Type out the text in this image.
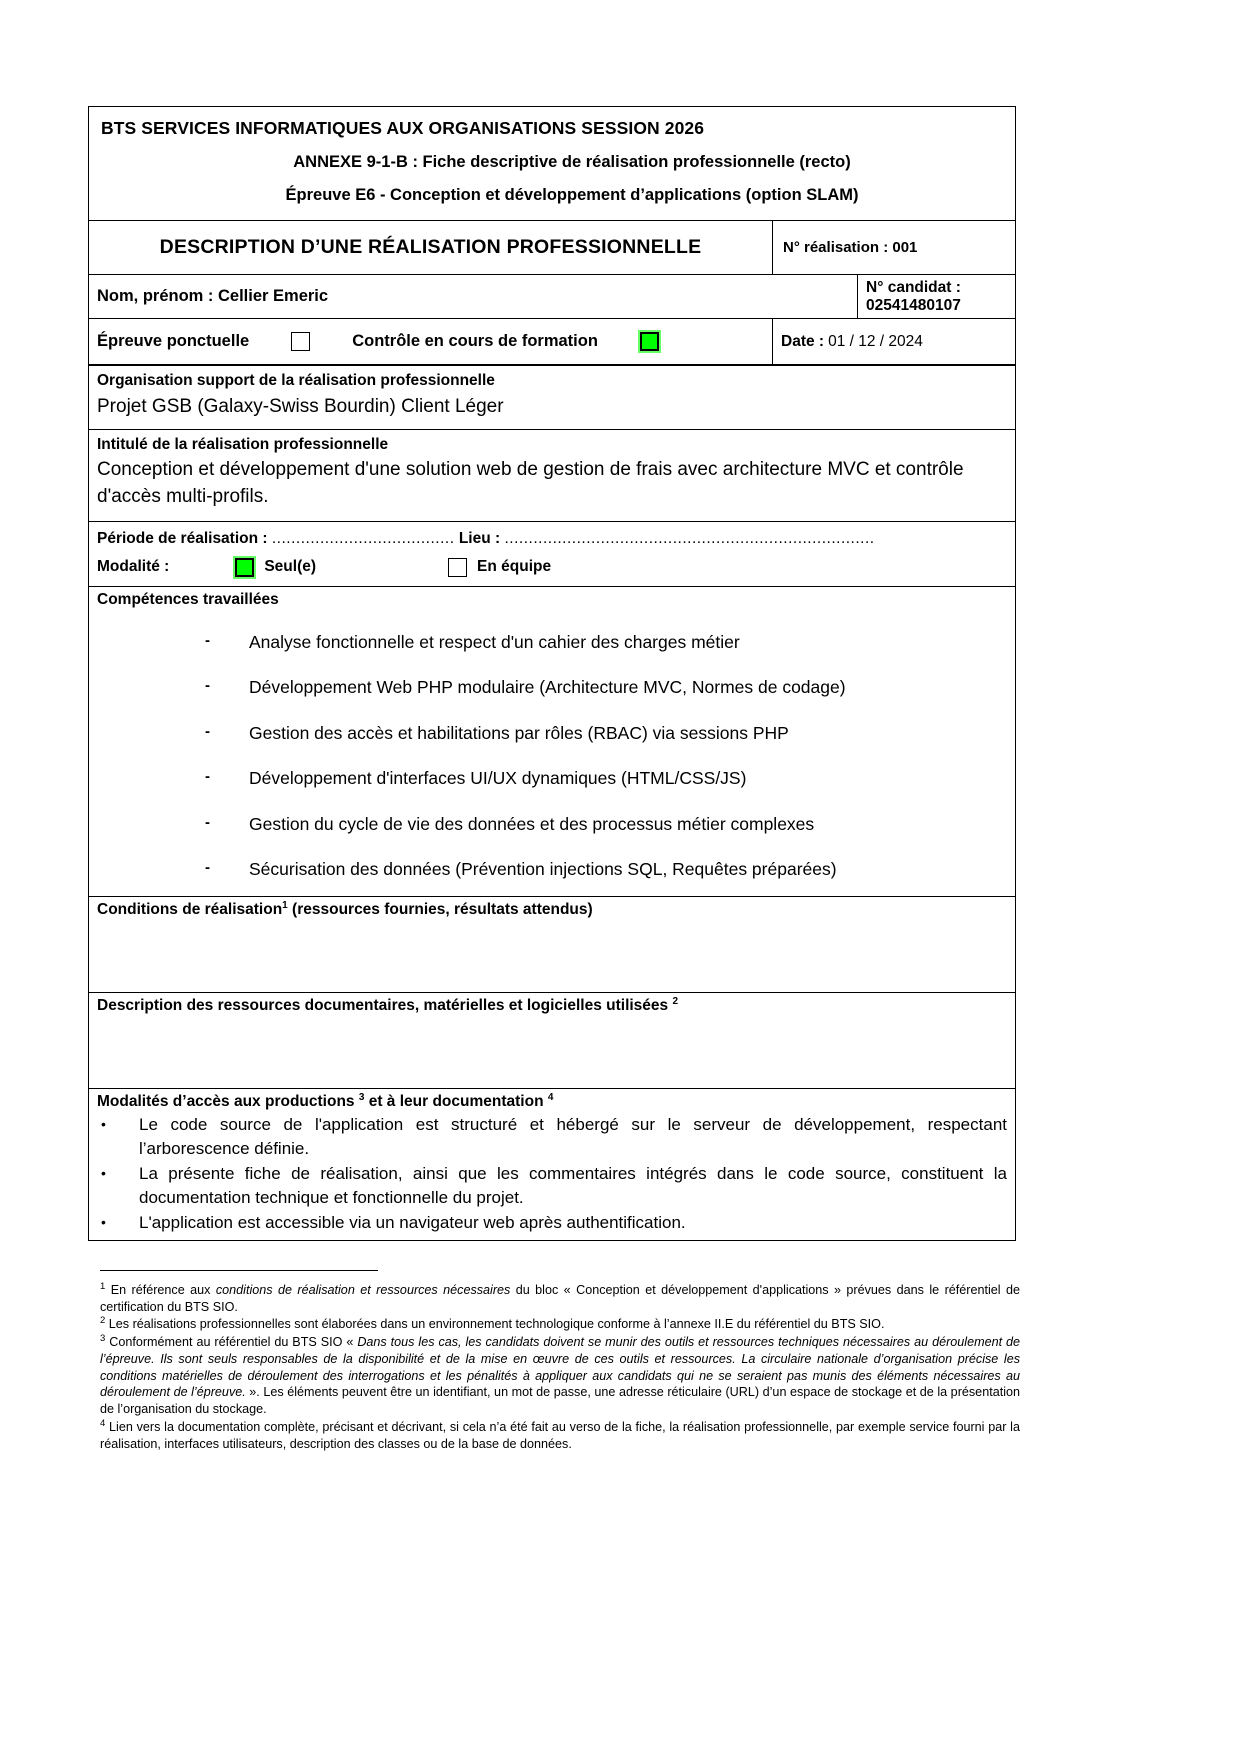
BTS SERVICES INFORMATIQUES AUX ORGANISATIONS SESSION 2026
ANNEXE 9-1-B : Fiche descriptive de réalisation professionnelle (recto)
Épreuve E6 - Conception et développement d’applications (option SLAM)
DESCRIPTION D’UNE RÉALISATION PROFESSIONNELLE	N° réalisation : 001
Nom, prénom : Cellier Emeric	N° candidat : 02541480107
Épreuve ponctuelle	Contrôle en cours de formation	Date : 01 / 12 / 2024
Organisation support de la réalisation professionnelle
Projet GSB (Galaxy-Swiss Bourdin) Client Léger
Intitulé de la réalisation professionnelle
Conception et développement d'une solution web de gestion de frais avec architecture MVC et contrôle d'accès multi-profils.
Période de réalisation : ...................................... Lieu : .............................................................................
Modalité :	Seul(e)	En équipe
Compétences travaillées
-	Analyse fonctionnelle et respect d'un cahier des charges métier
-	Développement Web PHP modulaire (Architecture MVC, Normes de codage)
-	Gestion des accès et habilitations par rôles (RBAC) via sessions PHP
-	Développement d'interfaces UI/UX dynamiques (HTML/CSS/JS)
-	Gestion du cycle de vie des données et des processus métier complexes
-	Sécurisation des données (Prévention injections SQL, Requêtes préparées)
Conditions de réalisation$^1$ (ressources fournies, résultats attendus)
Description des ressources documentaires, matérielles et logicielles utilisées $^2$
Modalités d’accès aux productions $^3$ et à leur documentation $^4$
•	Le code source de l'application est structuré et hébergé sur le serveur de développement, respectant l’arborescence définie.
•	La présente fiche de réalisation, ainsi que les commentaires intégrés dans le code source, constituent la documentation technique et fonctionnelle du projet.
•	L'application est accessible via un navigateur web après authentification.
$^1$ En référence aux conditions de réalisation et ressources nécessaires du bloc « Conception et développement d'applications » prévues dans le référentiel de certification du BTS SIO.
$^2$ Les réalisations professionnelles sont élaborées dans un environnement technologique conforme à l’annexe II.E du référentiel du BTS SIO.
$^3$ Conformément au référentiel du BTS SIO « Dans tous les cas, les candidats doivent se munir des outils et ressources techniques nécessaires au déroulement de l’épreuve. Ils sont seuls responsables de la disponibilité et de la mise en œuvre de ces outils et ressources. La circulaire nationale d’organisation précise les conditions matérielles de déroulement des interrogations et les pénalités à appliquer aux candidats qui ne se seraient pas munis des éléments nécessaires au déroulement de l’épreuve. ». Les éléments peuvent être un identifiant, un mot de passe, une adresse réticulaire (URL) d’un espace de stockage et de la présentation de l’organisation du stockage.
$^4$ Lien vers la documentation complète, précisant et décrivant, si cela n’a été fait au verso de la fiche, la réalisation professionnelle, par exemple service fourni par la réalisation, interfaces utilisateurs, description des classes ou de la base de données.
